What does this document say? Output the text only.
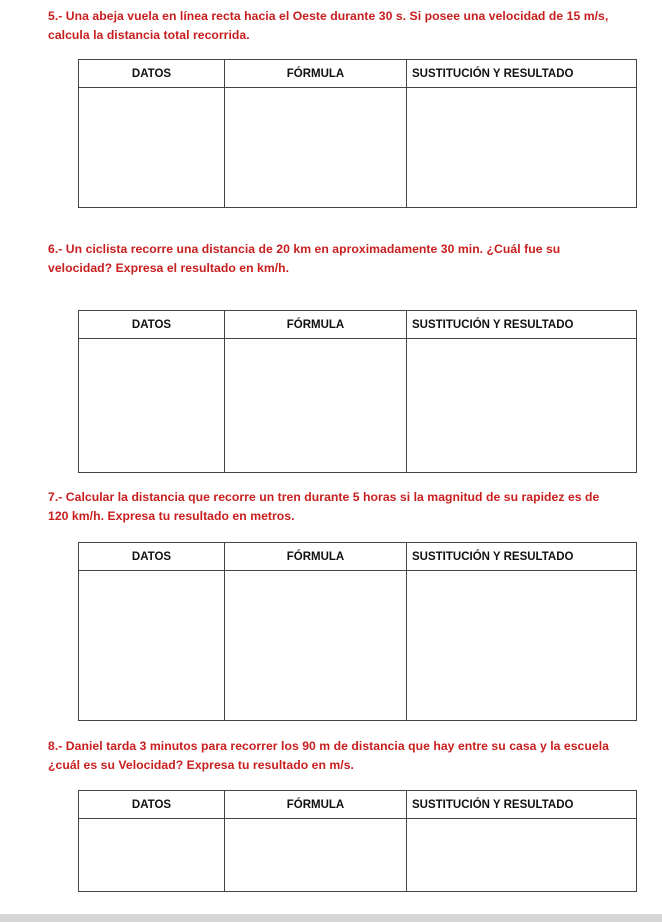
5.- Una abeja vuela en línea recta hacia el Oeste durante 30 s. Si posee una velocidad de 15 m/s, calcula la distancia total recorrida.
DATOS	FÓRMULA	SUSTITUCIÓN Y RESULTADO

6.- Un ciclista recorre una distancia de 20 km en aproximadamente 30 min. ¿Cuál fue su velocidad? Expresa el resultado en km/h.
DATOS	FÓRMULA	SUSTITUCIÓN Y RESULTADO

7.- Calcular la distancia que recorre un tren durante 5 horas si la magnitud de su rapidez es de 120 km/h. Expresa tu resultado en metros.
DATOS	FÓRMULA	SUSTITUCIÓN Y RESULTADO

8.- Daniel tarda 3 minutos para recorrer los 90 m de distancia que hay entre su casa y la escuela ¿cuál es su Velocidad? Expresa tu resultado en m/s.
DATOS	FÓRMULA	SUSTITUCIÓN Y RESULTADO
